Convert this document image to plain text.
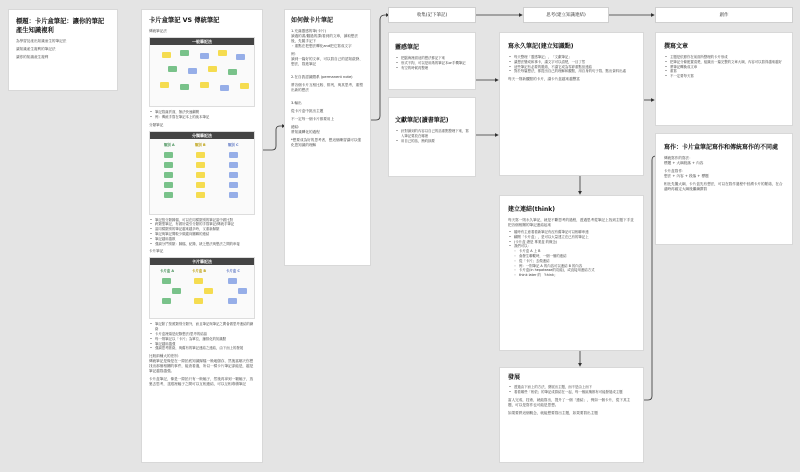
標題：卡片盒筆記：讓你的筆記產生知識複利

為學習及產出知識而生的筆記法

讓知識產生複利的筆記法

讓你的知識產生複利

卡片盒筆記 VS 傳統筆記

傳統筆記法

一般筆記法

• 筆記寫滿頁面，無法快速翻閱

• 例：傳統手寫在筆記本上的純本筆記

分類筆記

分類筆記法
類別 A	類別 B	類別 C

• 筆記按分類歸檔，可以在同樣類別的筆記當中做比對

• 跨類型筆記，有做好索引分類的手寫筆記/傳統手筆記

• 當同樣類別的筆記越來越多時，又重新歸類

• 筆記與筆記間較少做縱向關聯的連結

• 筆記越用越散

• 強調分門別類：歸檔、紀錄，缺乏想法與想法之間的串接

卡片筆記

卡片筆記法
卡片盒 A	卡片盒 B	卡片盒 C

• 筆記除了按照類別分類外，而且筆記與筆記之間會做思考連結的網絡

• 卡片盒裡頭是紀錄想法/思考的結晶

• 每一則筆記以「卡片」為單位，鋪排化的知識點

• 筆記越用越強

• 強調思考脈絡，與舊有的筆記連結之連結，由下而上的發展

比較兩種大的差別：

傳統筆記是像是在一際拍底知識歸檔一般地儲存，然後當哪天你想找出那個相關的事件，能查看過，所以一樣卡片筆記卻能是，越是筆記越寫越強。

卡片盒筆記，像是一際拍只有一般幅子，然後再拿到一顆幅子，放裏去思考，並跟裡幅子之間可以互相連結，可以互相堆積筆記

如何做卡片筆記

1.充滿靈感的筆(卡片)
讀過的書/聽過的課/看到的文章，讀取想法後，先隨手記下
・重點在把想法轉化and把它寫成文字

例：
讀到一篇好的文章，可以寫自己的認知啟發、想法，寫進筆記

2.在自我認識體系 (permanent note)

將各個卡片互相比較、排列，與其思考，重塑出新的想法

3.輸出

從卡片盒中挑出主題

不一定每一個卡片都要用上

總結:
將知識轉化的過程

*想要成為好的思考者，想這個練習讓可以強化您知識的理解

收集(記下筆記)	思考(建立知識連結)	創作
靈感筆記

• 把腦海裡面這的想法都記下來

• 形式不拘，可以是用紙的筆記本or手機筆記

• 有空的時候再整理

文獻筆記(讀書筆記)

• 針對讀到的內容以自己的話重點整理下來，寫入筆記要放在哪裡

• 用自己的話，簡約摘要

寫永久筆記(建立知識點)

• 每天整理「靈感筆記」、「文獻筆記」

• 讓想法變成和事卡，讓文字可以清楚，一目了然

• 這些筆記有必要的脈絡，不讓它成為零碎重點但連結

• 對於每篇想法，都提出自己的理解和觀點，用自身的句子寫、點出資料出處

每天一則新觀點的卡片，讓卡片盒越來越豐富

建立連結(think)

每天寫一則永久筆記，就是不斷思考的過程，透過思考從筆記上找到主題下手並把各個相關的筆記連結起來

• 隨時有主意看看新筆記有沒有舊筆記可以相聯串連

• 翻閱「卡片盒」，是可以大量建立在已有的筆記上

• (卡片盒 總是 專業盒 的概念)

• 我們可以：

◦ 卡片盒 A 上 B

◦ 會發生聯繫時，一個一個的連結

◦ 從「卡片」去做連結

◦ 例：一則筆記 A 的內容可以連結 B 的內容

◦ 卡片盒(in hepatease的功能)，或直接用連結方式

◦ think later 的 「think」

發展

• 透過由下而上的方法，發展出主題，而不是由上而下

• 看看哪些「相依」的筆記成群結在一起，每一個區塊都有可能發展成主題

當人完成，技術，就能寫出，提升了一個「連結」，例如一個卡片，從下其主題，可以是寫作也可能是思想。

如果要將這個概念，就能想要寫出主題，如果要寫出主題

撰寫文章

• 主題是依據你在前面所整理的卡片形成

• 把筆記分條配置清楚，組織出一篇完整的文章大綱，內容可以寫得越來越好

• 將筆記轉換成文章

• 重寫

• 不一定要每天寫

寫作：卡片盒筆記寫作和傳統寫作的不同處

傳統寫作的寫法：

標題 + 大綱段落 + 內容

卡片盒寫作：

想法 + 內容 + 段落 + 標題

相比先擬大綱，卡片盒先有想法，可以在寫作過程中回溯卡片的脈絡，在合適時再確定大綱後繼續撰寫
